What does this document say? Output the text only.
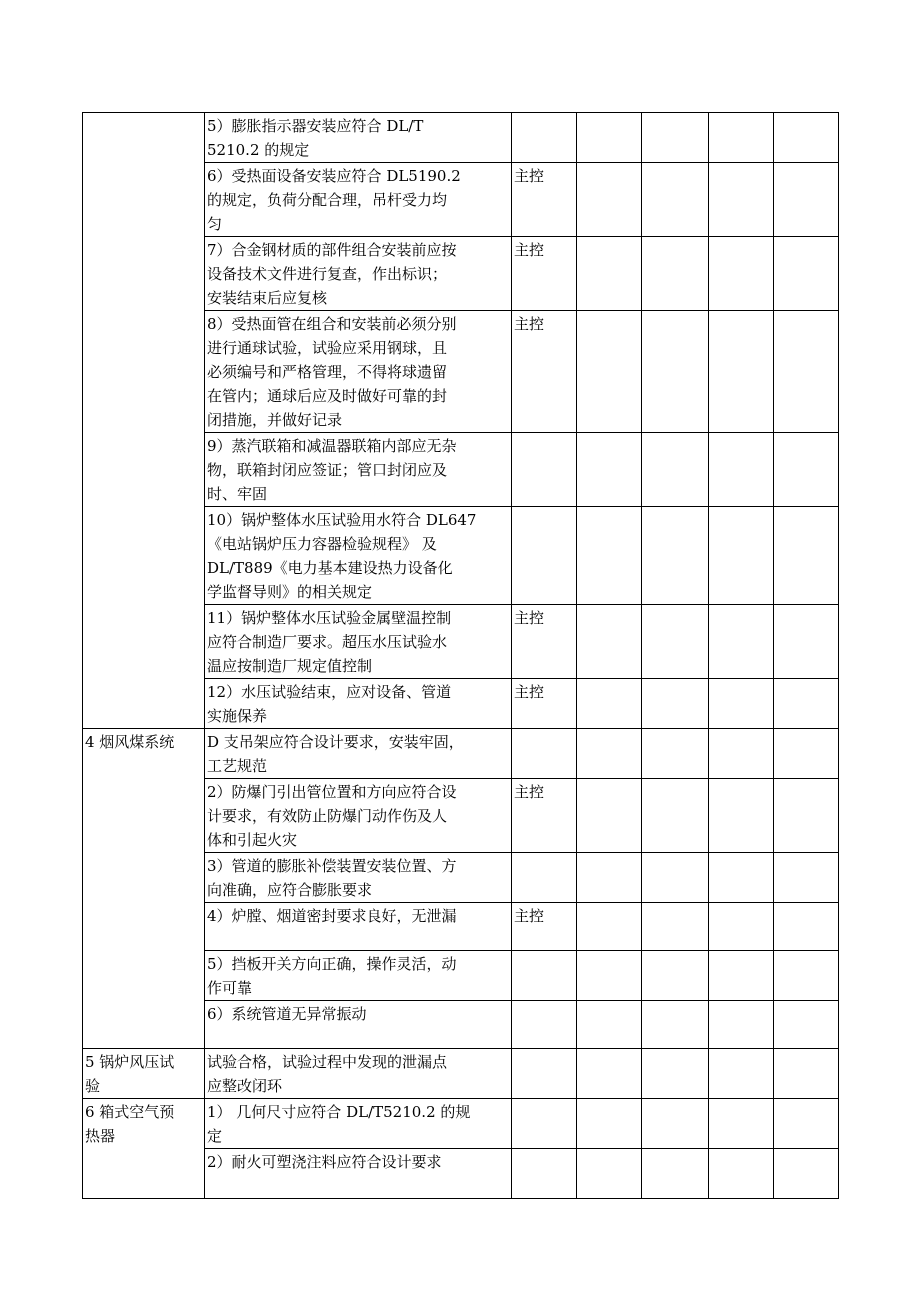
	5）膨胀指示器安装应符合 DL/T
5210.2 的规定					
	6）受热面设备安装应符合 DL5190.2
的规定，负荷分配合理，吊杆受力均
匀	主控				
	7）合金钢材质的部件组合安装前应按
设备技术文件进行复查，作出标识；
安装结束后应复核	主控				
	8）受热面管在组合和安装前必须分别
进行通球试验，试验应采用钢球，且
必须编号和严格管理，不得将球遗留
在管内；通球后应及时做好可靠的封
闭措施，并做好记录	主控				
	9）蒸汽联箱和减温器联箱内部应无杂
物，联箱封闭应签证；管口封闭应及
时、牢固					
	10）锅炉整体水压试验用水符合 DL647
《电站锅炉压力容器检验规程》 及
DL/T889《电力基本建设热力设备化
学监督导则》的相关规定					
	11）锅炉整体水压试验金属壁温控制
应符合制造厂要求。超压水压试验水
温应按制造厂规定值控制	主控				
	12）水压试验结束，应对设备、管道
实施保养	主控				
4 烟风煤系统	D 支吊架应符合设计要求，安装牢固，
工艺规范					
	2）防爆门引出管位置和方向应符合设
计要求，有效防止防爆门动作伤及人
体和引起火灾	主控				
	3）管道的膨胀补偿装置安装位置、方
向准确，应符合膨胀要求					
	4）炉膛、烟道密封要求良好，无泄漏	主控				
	5）挡板开关方向正确，操作灵活，动
作可靠					
	6）系统管道无异常振动					
5 锅炉风压试
验	试验合格，试验过程中发现的泄漏点
应整改闭环					
6 箱式空气预
热器	1） 几何尺寸应符合 DL/T5210.2 的规
定					
	2）耐火可塑浇注料应符合设计要求					
